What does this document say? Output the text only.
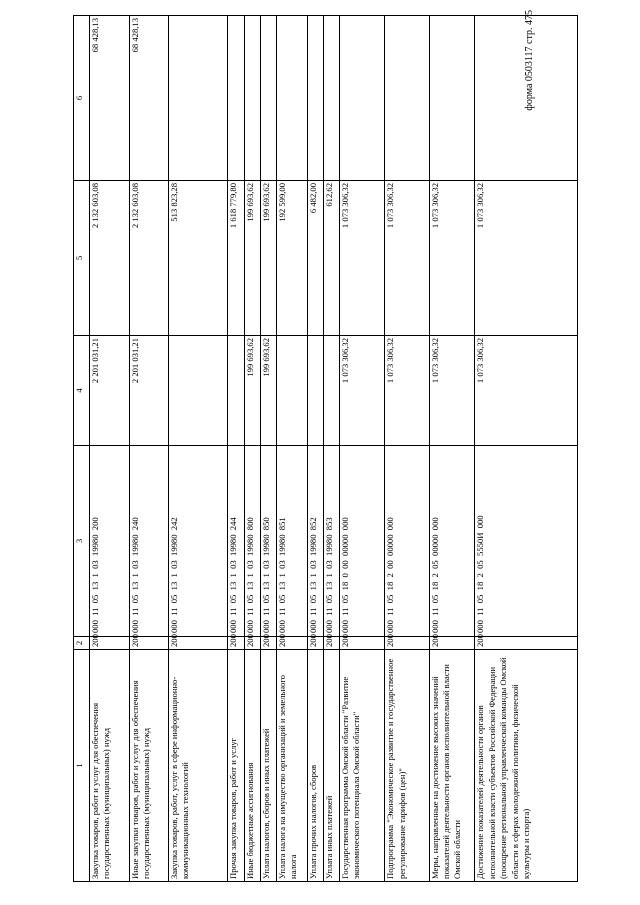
форма 0503117 стр. 475
1	2	3	4	5	6
Закупка товаров, работ и услуг для обеспечения государственных (муниципальных) нужд	200	000  11  05  13  1  03  19980  200	2 201 031,21	2 132 603,08	68 428,13
Иные закупки товаров, работ и услуг для обеспечения государственных (муниципальных) нужд	200	000  11  05  13  1  03  19980  240	2 201 031,21	2 132 603,08	68 428,13
Закупка товаров, работ, услуг в сфере информационно-коммуникационных технологий	200	000  11  05  13  1  03  19980  242		513 823,28	
Прочая закупка товаров, работ и услуг	200	000  11  05  13  1  03  19980  244		1 618 779,80	
Иные бюджетные ассигнования	200	000  11  05  13  1  03  19980  800	199 693,62	199 693,62	
Уплата налогов, сборов и иных платежей	200	000  11  05  13  1  03  19980  850	199 693,62	199 693,62	
Уплата налога на имущество организаций и земельного налога	200	000  11  05  13  1  03  19980  851		192 599,00	
Уплата прочих налогов, сборов	200	000  11  05  13  1  03  19980  852		6 482,00	
Уплата иных платежей	200	000  11  05  13  1  03  19980  853		612,62	
Государственная программа Омской области "Развитие экономического потенциала Омской области"	200	000  11  05  18  0  00  00000  000	1 073 306,32	1 073 306,32	
Подпрограмма "Экономическое развитие и государственное регулирование тарифов (цен)"	200	000  11  05  18  2  00  00000  000	1 073 306,32	1 073 306,32	
Меры, направленные на достижение высоких значений показателей деятельности органов исполнительной власти Омской области	200	000  11  05  18  2  05  00000  000	1 073 306,32	1 073 306,32	
Достижение показателей деятельности органов исполнительной власти субъектов Российской Федерации (поощрение региональной управленческой команды Омской области в сферах молодежной политики, физической культуры и спорта)	200	000  11  05  18  2  05  5550И  000	1 073 306,32	1 073 306,32	
